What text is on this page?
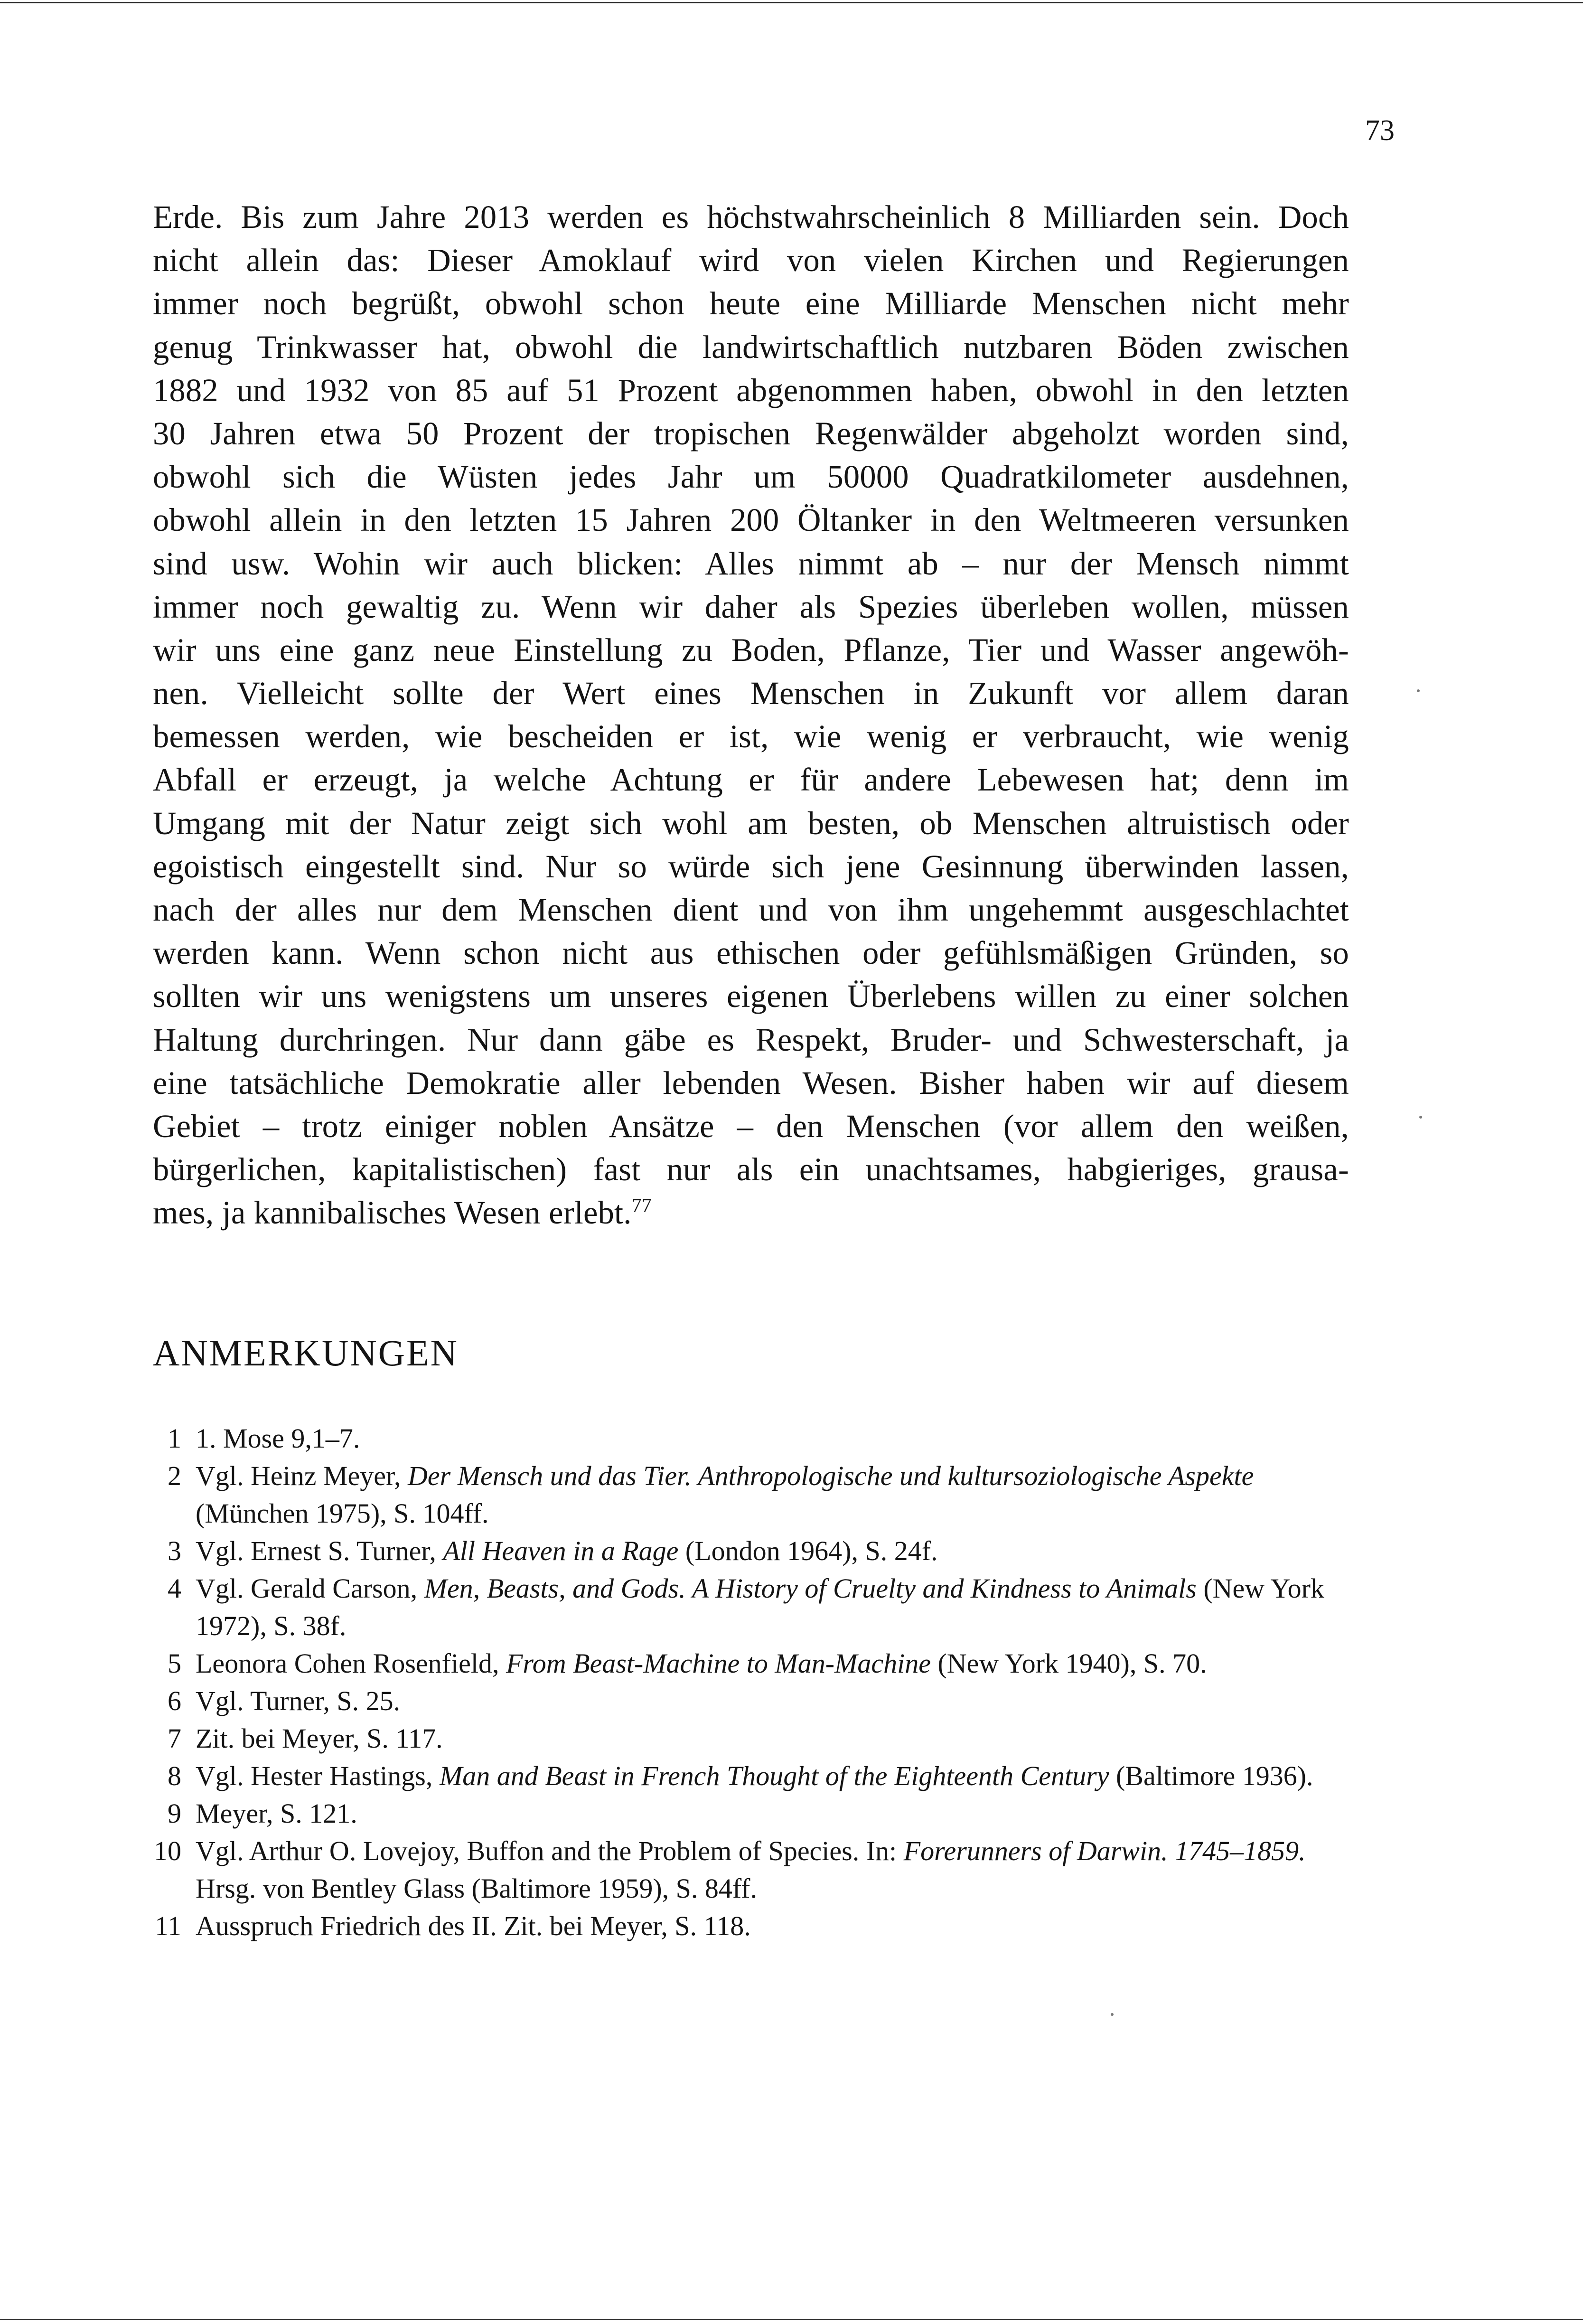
73
Erde. Bis zum Jahre 2013 werden es höchstwahrscheinlich 8 Milliarden sein. Doch
nicht allein das: Dieser Amoklauf wird von vielen Kirchen und Regierungen
immer noch begrüßt, obwohl schon heute eine Milliarde Menschen nicht mehr
genug Trinkwasser hat, obwohl die landwirtschaftlich nutzbaren Böden zwischen
1882 und 1932 von 85 auf 51 Prozent abgenommen haben, obwohl in den letzten
30 Jahren etwa 50 Prozent der tropischen Regenwälder abgeholzt worden sind,
obwohl sich die Wüsten jedes Jahr um 50000 Quadratkilometer ausdehnen,
obwohl allein in den letzten 15 Jahren 200 Öltanker in den Weltmeeren versunken
sind usw. Wohin wir auch blicken: Alles nimmt ab – nur der Mensch nimmt
immer noch gewaltig zu. Wenn wir daher als Spezies überleben wollen, müssen
wir uns eine ganz neue Einstellung zu Boden, Pflanze, Tier und Wasser angewöh-
nen. Vielleicht sollte der Wert eines Menschen in Zukunft vor allem daran
bemessen werden, wie bescheiden er ist, wie wenig er verbraucht, wie wenig
Abfall er erzeugt, ja welche Achtung er für andere Lebewesen hat; denn im
Umgang mit der Natur zeigt sich wohl am besten, ob Menschen altruistisch oder
egoistisch eingestellt sind. Nur so würde sich jene Gesinnung überwinden lassen,
nach der alles nur dem Menschen dient und von ihm ungehemmt ausgeschlachtet
werden kann. Wenn schon nicht aus ethischen oder gefühlsmäßigen Gründen, so
sollten wir uns wenigstens um unseres eigenen Überlebens willen zu einer solchen
Haltung durchringen. Nur dann gäbe es Respekt, Bruder- und Schwesterschaft, ja
eine tatsächliche Demokratie aller lebenden Wesen. Bisher haben wir auf diesem
Gebiet – trotz einiger noblen Ansätze – den Menschen (vor allem den weißen,
bürgerlichen, kapitalistischen) fast nur als ein unachtsames, habgieriges, grausa-
mes, ja kannibalisches Wesen erlebt.$^{77}$
ANMERKUNGEN
1 1. Mose 9,1–7.
2 Vgl. Heinz Meyer, Der Mensch und das Tier. Anthropologische und kultursoziologische Aspekte (München 1975), S. 104ff.
3 Vgl. Ernest S. Turner, All Heaven in a Rage (London 1964), S. 24f.
4 Vgl. Gerald Carson, Men, Beasts, and Gods. A History of Cruelty and Kindness to Animals (New York 1972), S. 38f.
5 Leonora Cohen Rosenfield, From Beast-Machine to Man-Machine (New York 1940), S. 70.
6 Vgl. Turner, S. 25.
7 Zit. bei Meyer, S. 117.
8 Vgl. Hester Hastings, Man and Beast in French Thought of the Eighteenth Century (Baltimore 1936).
9 Meyer, S. 121.
10 Vgl. Arthur O. Lovejoy, Buffon and the Problem of Species. In: Forerunners of Darwin. 1745–1859. Hrsg. von Bentley Glass (Baltimore 1959), S. 84ff.
11 Ausspruch Friedrich des II. Zit. bei Meyer, S. 118.
